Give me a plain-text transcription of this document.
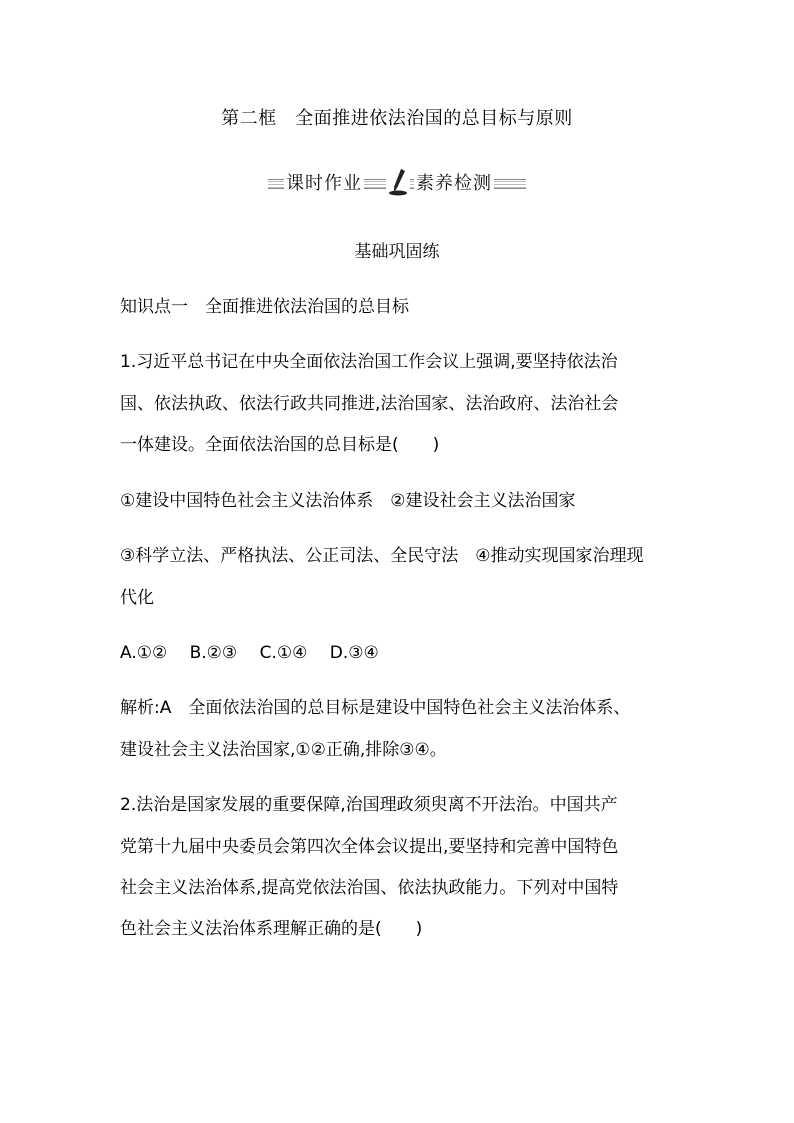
第二框　全面推进依法治国的总目标与原则
课时作业	素养检测
基础巩固练
知识点一　全面推进依法治国的总目标
1.习近平总书记在中央全面依法治国工作会议上强调,要坚持依法治
国、依法执政、依法行政共同推进,法治国家、法治政府、法治社会
一体建设。全面依法治国的总目标是(　　)
①建设中国特色社会主义法治体系　②建设社会主义法治国家
③科学立法、严格执法、公正司法、全民守法　④推动实现国家治理现
代化
A.①②　 B.②③　 C.①④　 D.③④
解析:A　全面依法治国的总目标是建设中国特色社会主义法治体系、
建设社会主义法治国家,①②正确,排除③④。
2.法治是国家发展的重要保障,治国理政须臾离不开法治。中国共产
党第十九届中央委员会第四次全体会议提出,要坚持和完善中国特色
社会主义法治体系,提高党依法治国、依法执政能力。下列对中国特
色社会主义法治体系理解正确的是(　　)
